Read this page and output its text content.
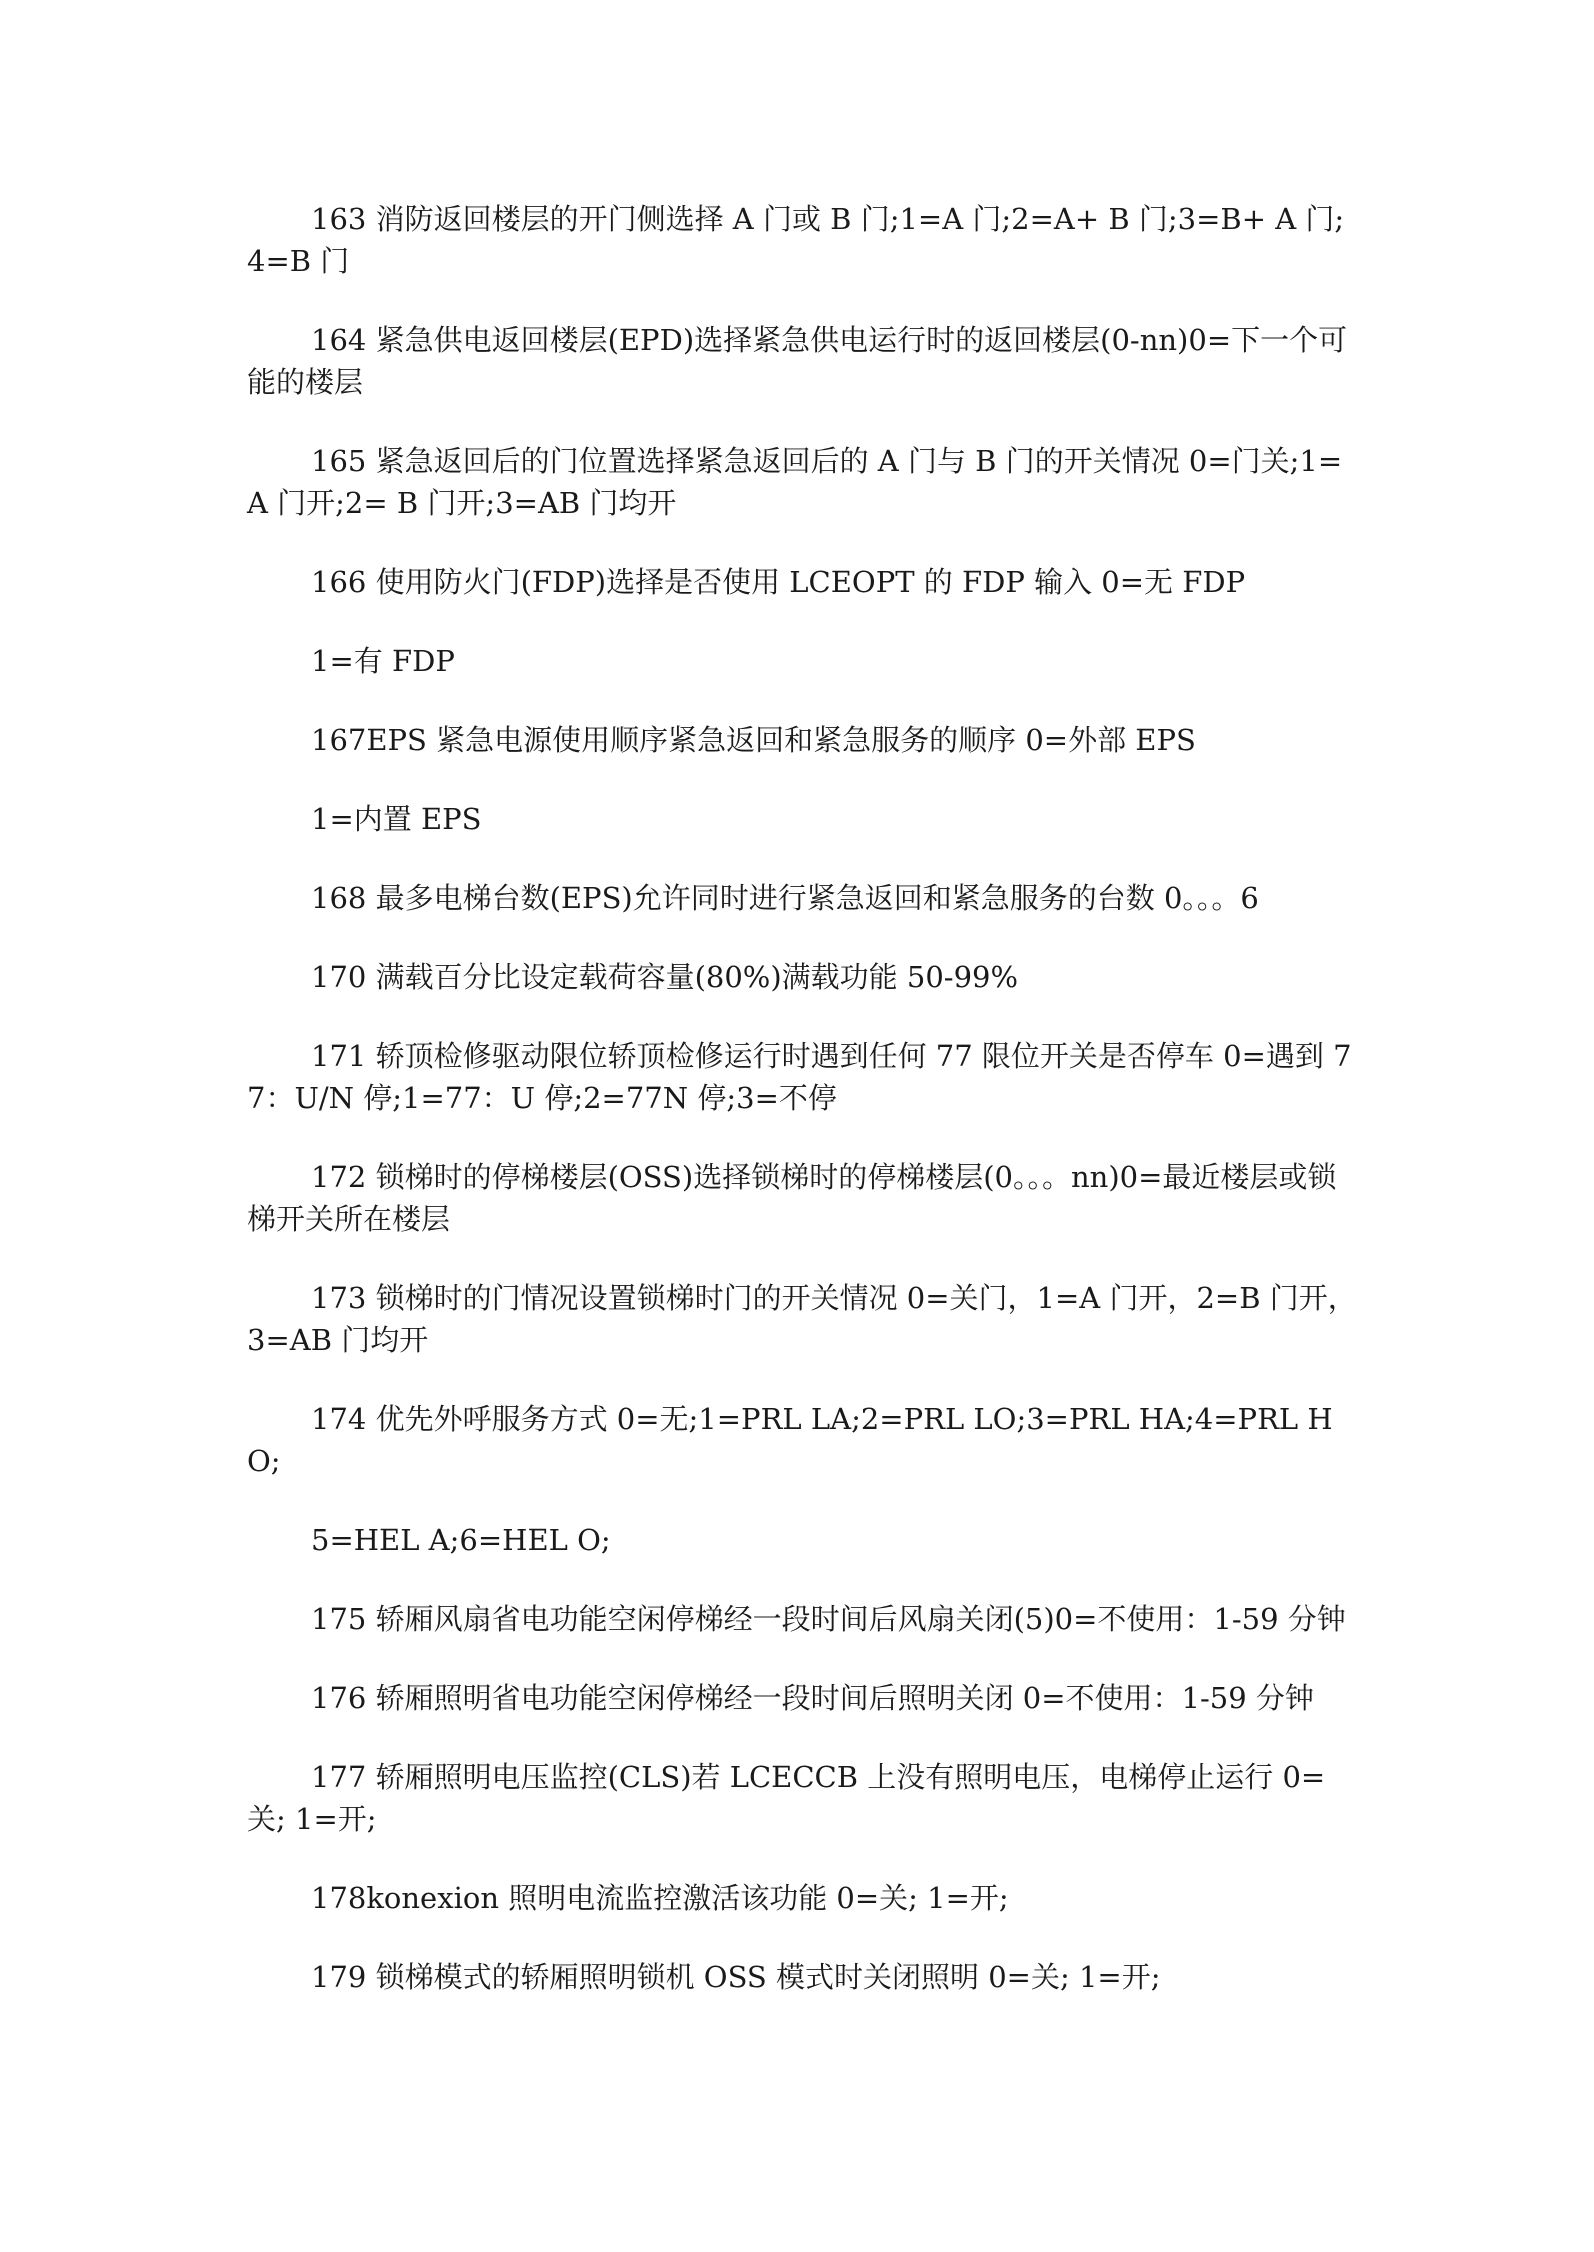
163 消防返回楼层的开门侧选择 A 门或 B 门;1=A 门;2=A+ B 门;3=B+ A 门;4=B 门

164 紧急供电返回楼层(EPD)选择紧急供电运行时的返回楼层(0-nn)0=下一个可能的楼层

165 紧急返回后的门位置选择紧急返回后的 A 门与 B 门的开关情况 0=门关;1=A 门开;2= B 门开;3=AB 门均开

166 使用防火门(FDP)选择是否使用 LCEOPT 的 FDP 输入 0=无 FDP

1=有 FDP

167EPS 紧急电源使用顺序紧急返回和紧急服务的顺序 0=外部 EPS

1=内置 EPS

168 最多电梯台数(EPS)允许同时进行紧急返回和紧急服务的台数 0。。。6

170 满载百分比设定载荷容量(80%)满载功能 50-99%

171 轿顶检修驱动限位轿顶检修运行时遇到任何 77 限位开关是否停车 0=遇到 77：U/N 停;1=77：U 停;2=77N 停;3=不停

172 锁梯时的停梯楼层(OSS)选择锁梯时的停梯楼层(0。。。nn)0=最近楼层或锁梯开关所在楼层

173 锁梯时的门情况设置锁梯时门的开关情况 0=关门，1=A 门开，2=B 门开，3=AB 门均开

174 优先外呼服务方式 0=无;1=PRL LA;2=PRL LO;3=PRL HA;4=PRL HO;

5=HEL A;6=HEL O;

175 轿厢风扇省电功能空闲停梯经一段时间后风扇关闭(5)0=不使用：1-59 分钟

176 轿厢照明省电功能空闲停梯经一段时间后照明关闭 0=不使用：1-59 分钟

177 轿厢照明电压监控(CLS)若 LCECCB 上没有照明电压，电梯停止运行 0=关; 1=开;

178konexion 照明电流监控激活该功能 0=关; 1=开;

179 锁梯模式的轿厢照明锁机 OSS 模式时关闭照明 0=关; 1=开;
